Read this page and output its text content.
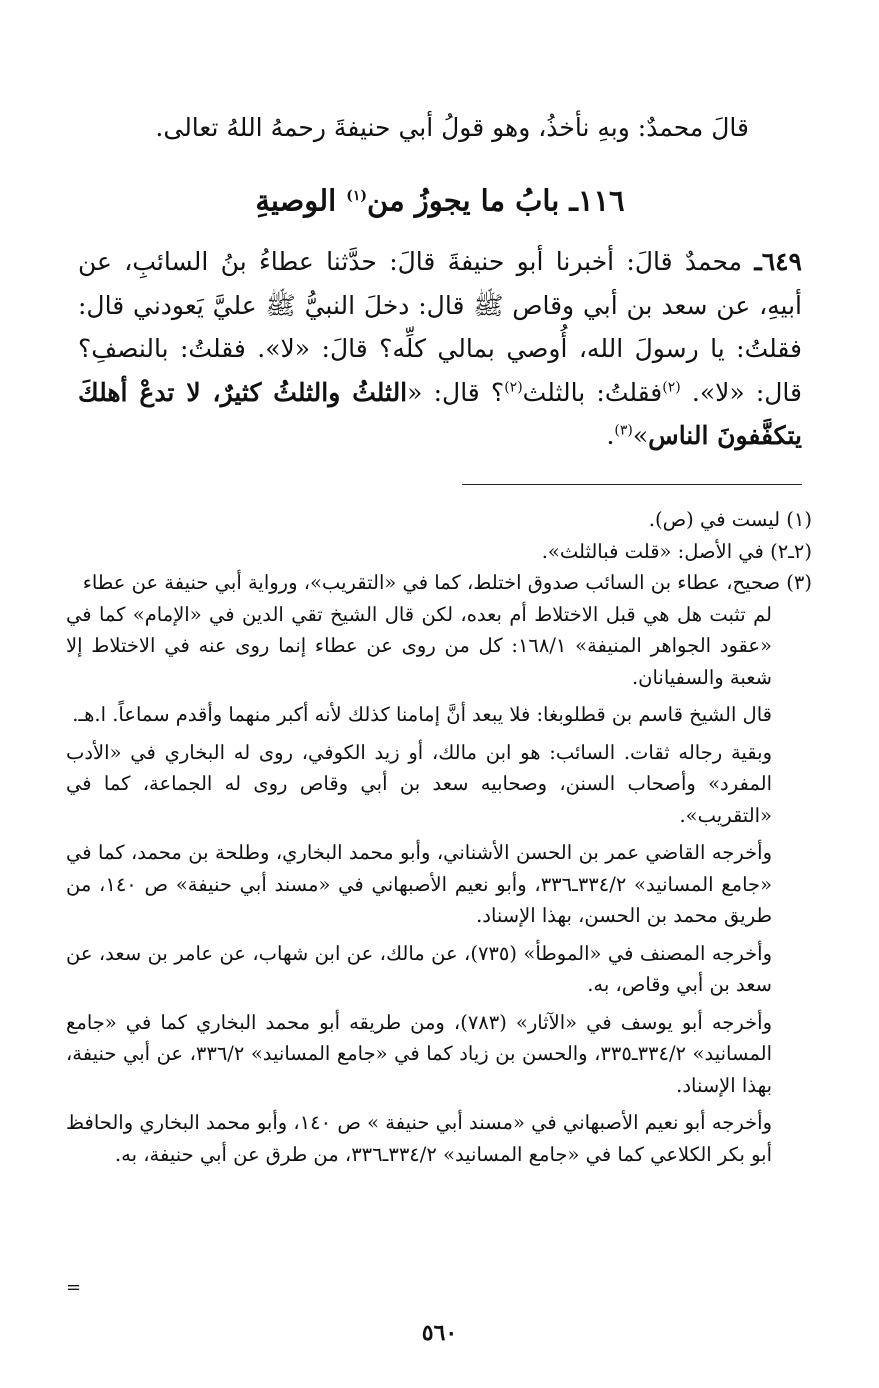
قالَ محمدٌ: وبهِ نأخذُ، وهو قولُ أبي حنيفةَ رحمهُ اللهُ تعالى.
١١٦ـ بابُ ما يجوزُ من$^{(١)}$ الوصيةِ
٦٤٩ـ محمدٌ قالَ: أخبرنا أبو حنيفةَ قالَ: حدَّثنا عطاءُ بنُ السائبِ، عن أبيهِ، عن سعد بن أبي وقاص ﷺ قال: دخلَ النبيُّ ﷺ عليَّ يَعودني قال: فقلتُ: يا رسولَ الله، أُوصي بمالي كلِّه؟ قالَ: «لا». فقلتُ: بالنصفِ؟ قال: «لا». $^{(٢)}$فقلتُ: بالثلث$^{(٢)}$؟ قال: «الثلثُ والثلثُ كثيرٌ، لا تدعْ أهلكَ يتكفَّفونَ الناس»$^{(٣)}$.

(١) ليست في (ص).

(٢ـ٢) في الأصل: «قلت فبالثلث».

(٣) صحيح، عطاء بن السائب صدوق اختلط، كما في «التقريب»، ورواية أبي حنيفة عن عطاء

لم تثبت هل هي قبل الاختلاط أم بعده، لكن قال الشيخ تقي الدين في «الإمام» كما في «عقود الجواهر المنيفة» ١٦٨/١: كل من روى عن عطاء إنما روى عنه في الاختلاط إلا شعبة والسفيانان.

قال الشيخ قاسم بن قطلوبغا: فلا يبعد أنَّ إمامنا كذلك لأنه أكبر منهما وأقدم سماعاً. ا.هـ.

وبقية رجاله ثقات. السائب: هو ابن مالك، أو زيد الكوفي، روى له البخاري في «الأدب المفرد» وأصحاب السنن، وصحابيه سعد بن أبي وقاص روى له الجماعة، كما في «التقريب».

وأخرجه القاضي عمر بن الحسن الأشناني، وأبو محمد البخاري، وطلحة بن محمد، كما في «جامع المسانيد» ٣٣٤/٢ـ٣٣٦، وأبو نعيم الأصبهاني في «مسند أبي حنيفة» ص ١٤٠، من طريق محمد بن الحسن، بهذا الإسناد.

وأخرجه المصنف في «الموطأ» (٧٣٥)، عن مالك، عن ابن شهاب، عن عامر بن سعد، عن سعد بن أبي وقاص، به.

وأخرجه أبو يوسف في «الآثار» (٧٨٣)، ومن طريقه أبو محمد البخاري كما في «جامع المسانيد» ٣٣٤/٢ـ٣٣٥، والحسن بن زياد كما في «جامع المسانيد» ٣٣٦/٢، عن أبي حنيفة، بهذا الإسناد.

وأخرجه أبو نعيم الأصبهاني في «مسند أبي حنيفة » ص ١٤٠، وأبو محمد البخاري والحافظ أبو بكر الكلاعي كما في «جامع المسانيد» ٣٣٤/٢ـ٣٣٦، من طرق عن أبي حنيفة، به.

=
٥٦٠
